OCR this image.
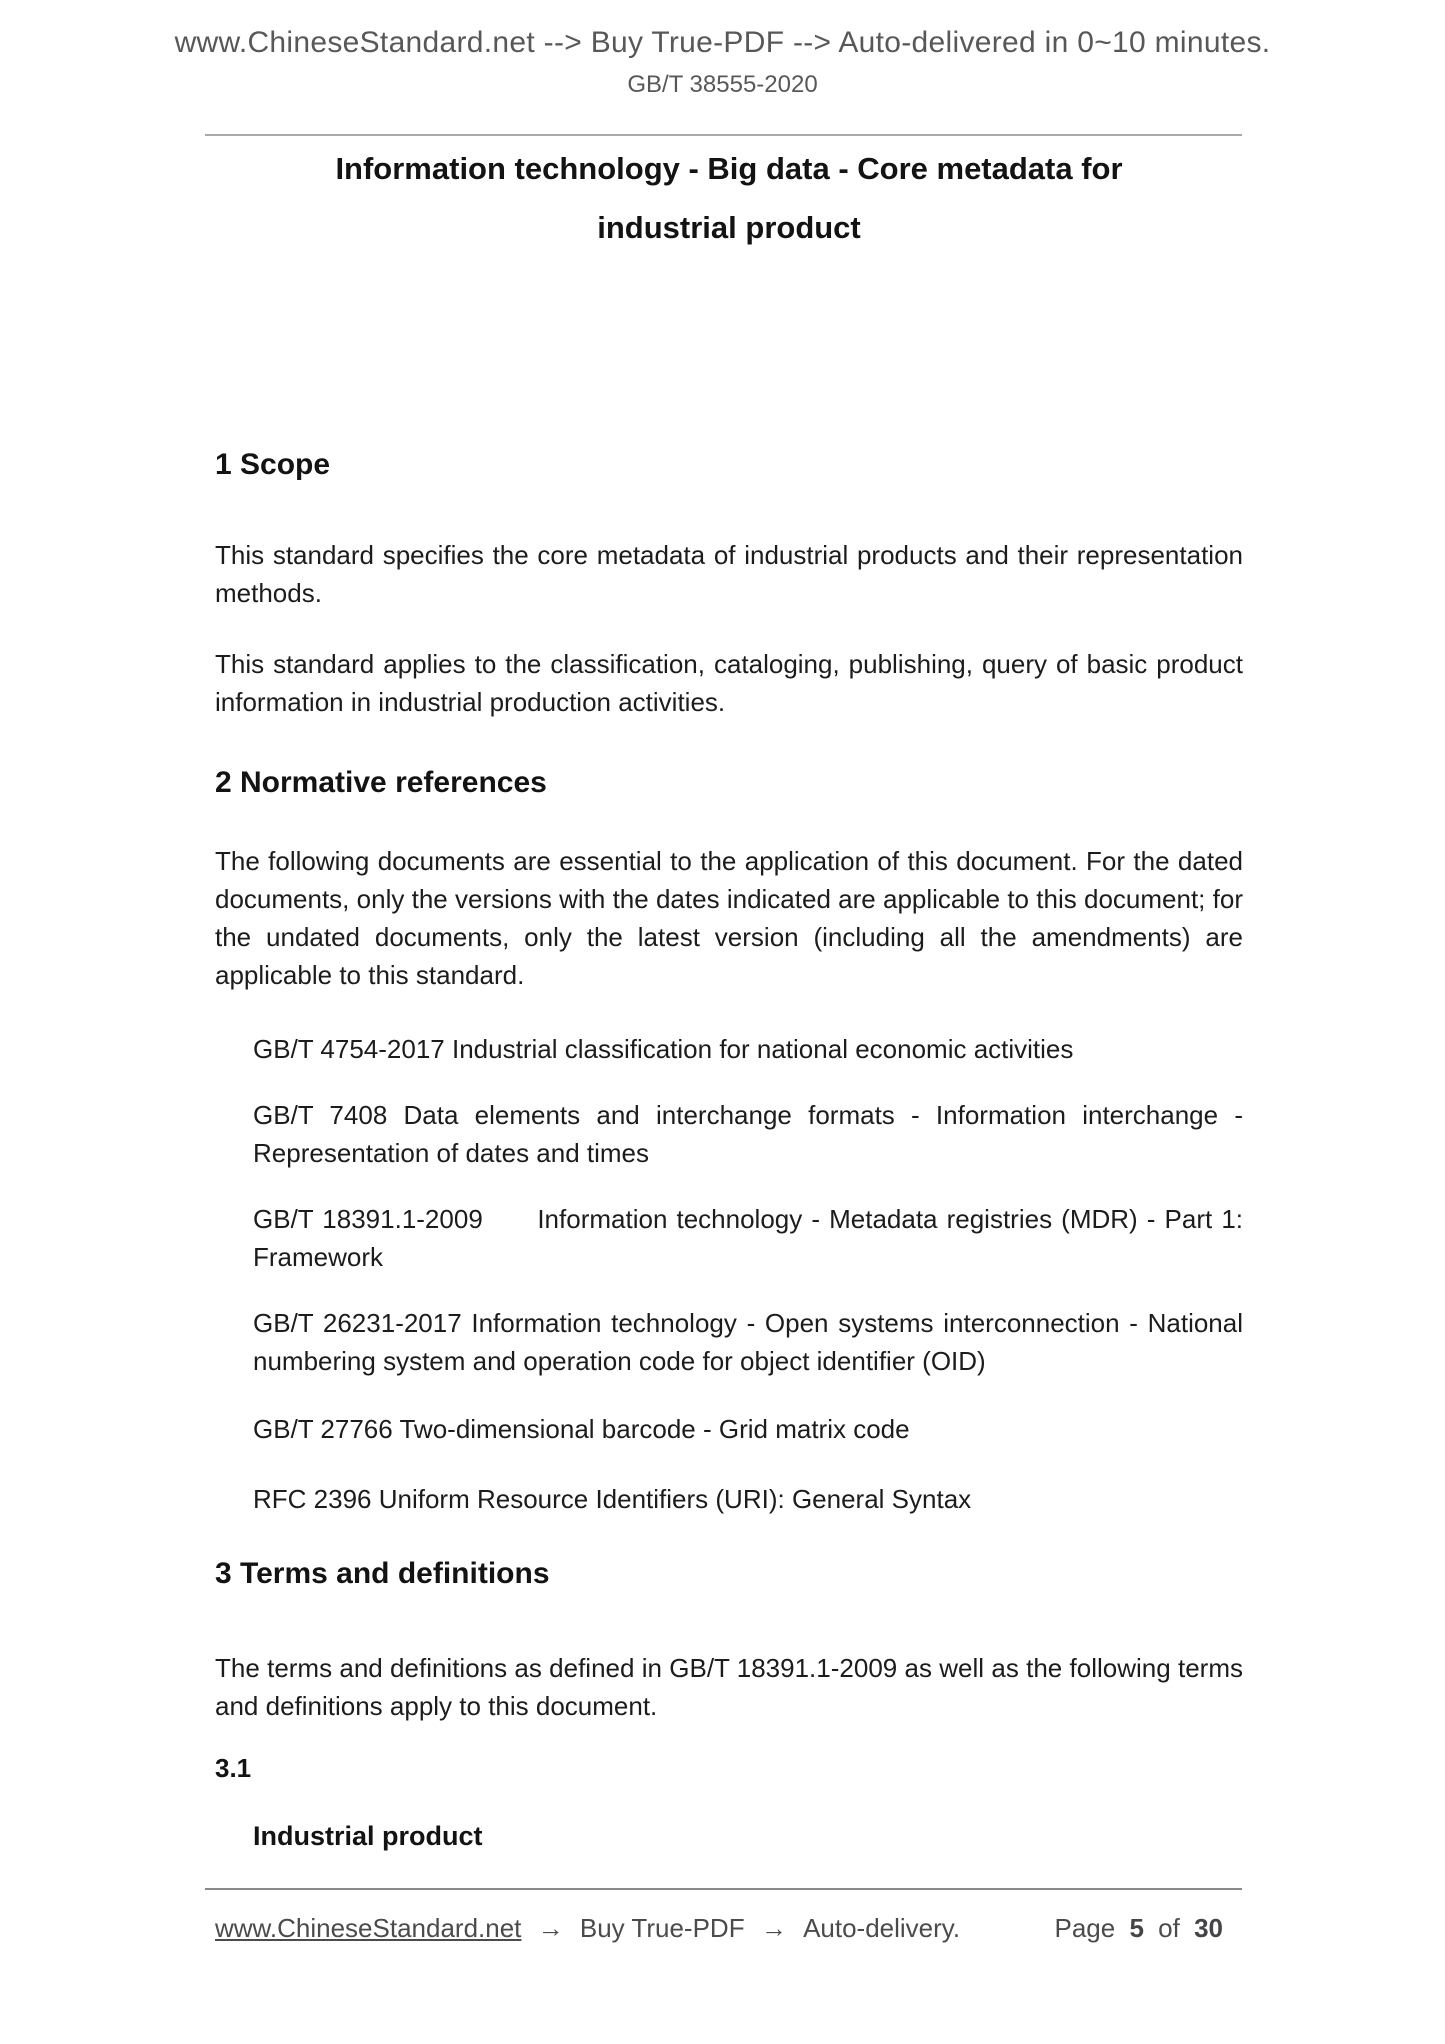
www.ChineseStandard.net --> Buy True-PDF --> Auto-delivered in 0~10 minutes.
GB/T 38555-2020
Information technology - Big data - Core metadata for
industrial product
1 Scope

This standard specifies the core metadata of industrial products and their representation methods.

This standard applies to the classification, cataloging, publishing, query of basic product information in industrial production activities.

2 Normative references

The following documents are essential to the application of this document. For the dated documents, only the versions with the dates indicated are applicable to this document; for the undated documents, only the latest version (including all the amendments) are applicable to this standard.

GB/T 4754-2017 Industrial classification for national economic activities

GB/T 7408 Data elements and interchange formats - Information interchange - Representation of dates and times

GB/T 18391.1-2009      Information technology - Metadata registries (MDR) - Part 1: Framework

GB/T 26231-2017 Information technology - Open systems interconnection - National numbering system and operation code for object identifier (OID)

GB/T 27766 Two-dimensional barcode - Grid matrix code

RFC 2396 Uniform Resource Identifiers (URI): General Syntax

3 Terms and definitions

The terms and definitions as defined in GB/T 18391.1-2009 as well as the following terms and definitions apply to this document.

3.1
Industrial product
www.ChineseStandard.net → Buy True-PDF → Auto-delivery.	Page 5 of 30
